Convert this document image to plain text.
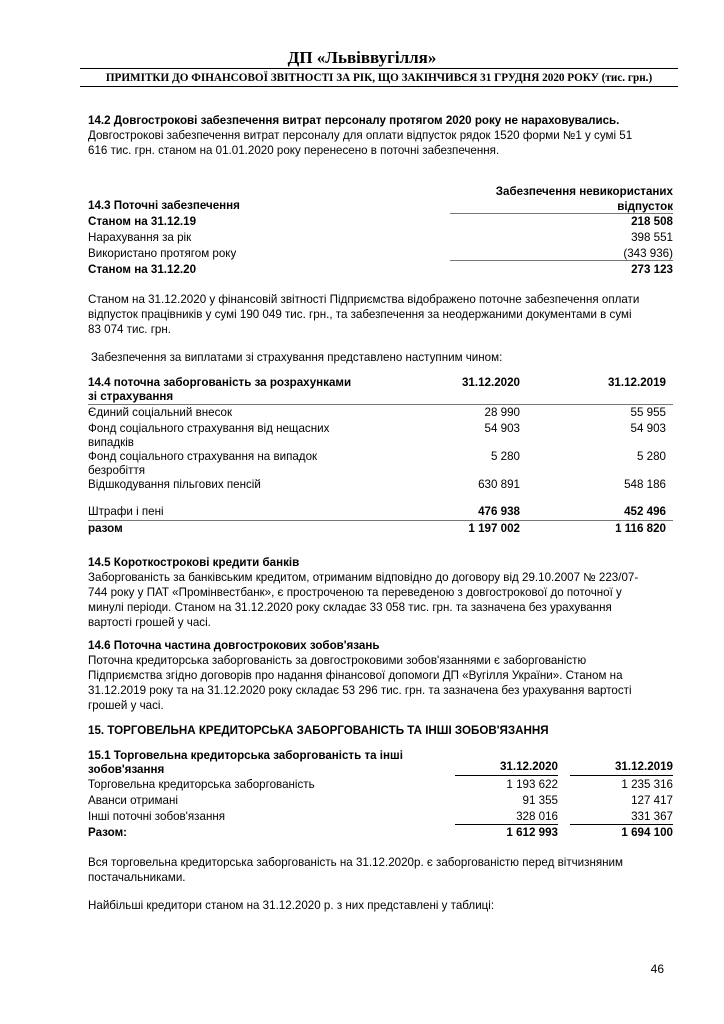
ДП «Львіввугілля»
ПРИМІТКИ ДО ФІНАНСОВОЇ ЗВІТНОСТІ ЗА РІК, ЩО ЗАКІНЧИВСЯ 31 ГРУДНЯ 2020 РОКУ (тис. грн.)
14.2 Довгострокові забезпечення витрат персоналу протягом 2020 року не нараховувались.
Довгострокові забезпечення витрат персоналу для оплати відпусток рядок 1520 форми №1 у сумі 51
616 тис. грн. станом на 01.01.2020 року перенесено в поточні забезпечення.
Забезпечення невикористаних
відпусток
14.3 Поточні забезпечення
Станом на 31.12.19	218 508
Нарахування за рік	398 551
Використано протягом року	(343 936)
Станом на 31.12.20	273 123
Станом на 31.12.2020 у фінансовій звітності Підприємства відображено поточне забезпечення оплати
відпусток працівників у сумі 190 049 тис. грн., та забезпечення за неодержаними документами в сумі
83 074 тис. грн.
Забезпечення за виплатами зі страхування представлено наступним чином:
14.4 поточна заборгованість за розрахунками
зі страхування
31.12.2020	31.12.2019
Єдиний соціальний внесок	28 990	55 955
Фонд соціального страхування від нещасних
випадків
54 903	54 903
Фонд соціального страхування на випадок
безробіття
5 280	5 280
Відшкодування пільгових пенсій	630 891	548 186
Штрафи і пені	476 938	452 496
разом	1 197 002	1 116 820
14.5 Короткострокові кредити банків
Заборгованість за банківським кредитом, отриманим відповідно до договору від 29.10.2007 № 223/07-
744 року у ПАТ «Промінвестбанк», є простроченою та переведеною з довгострокової до поточної у
минулі періоди. Станом на 31.12.2020 року складає 33 058 тис. грн. та зазначена без урахування
вартості грошей у часі.
14.6 Поточна частина довгострокових зобов'язань
Поточна кредиторська заборгованість за довгостроковими зобов'язаннями є заборгованістю
Підприємства згідно договорів про надання фінансової допомоги ДП «Вугілля України». Станом на
31.12.2019 року та на 31.12.2020 року складає 53 296 тис. грн. та зазначена без урахування вартості
грошей у часі.
15. ТОРГОВЕЛЬНА КРЕДИТОРСЬКА ЗАБОРГОВАНІСТЬ ТА ІНШІ ЗОБОВ'ЯЗАННЯ
15.1 Торговельна кредиторська заборгованість та інші
зобов'язання	31.12.2020	31.12.2019
Торговельна кредиторська заборгованість	1 193 622	1 235 316
Аванси отримані	91 355	127 417
Інші поточні зобов'язання	328 016	331 367
Разом:	1 612 993	1 694 100
Вся торговельна кредиторська заборгованість на 31.12.2020р. є заборгованістю перед вітчизняним
постачальниками.
Найбільші кредитори станом на 31.12.2020 р. з них представлені у таблиці:
46
